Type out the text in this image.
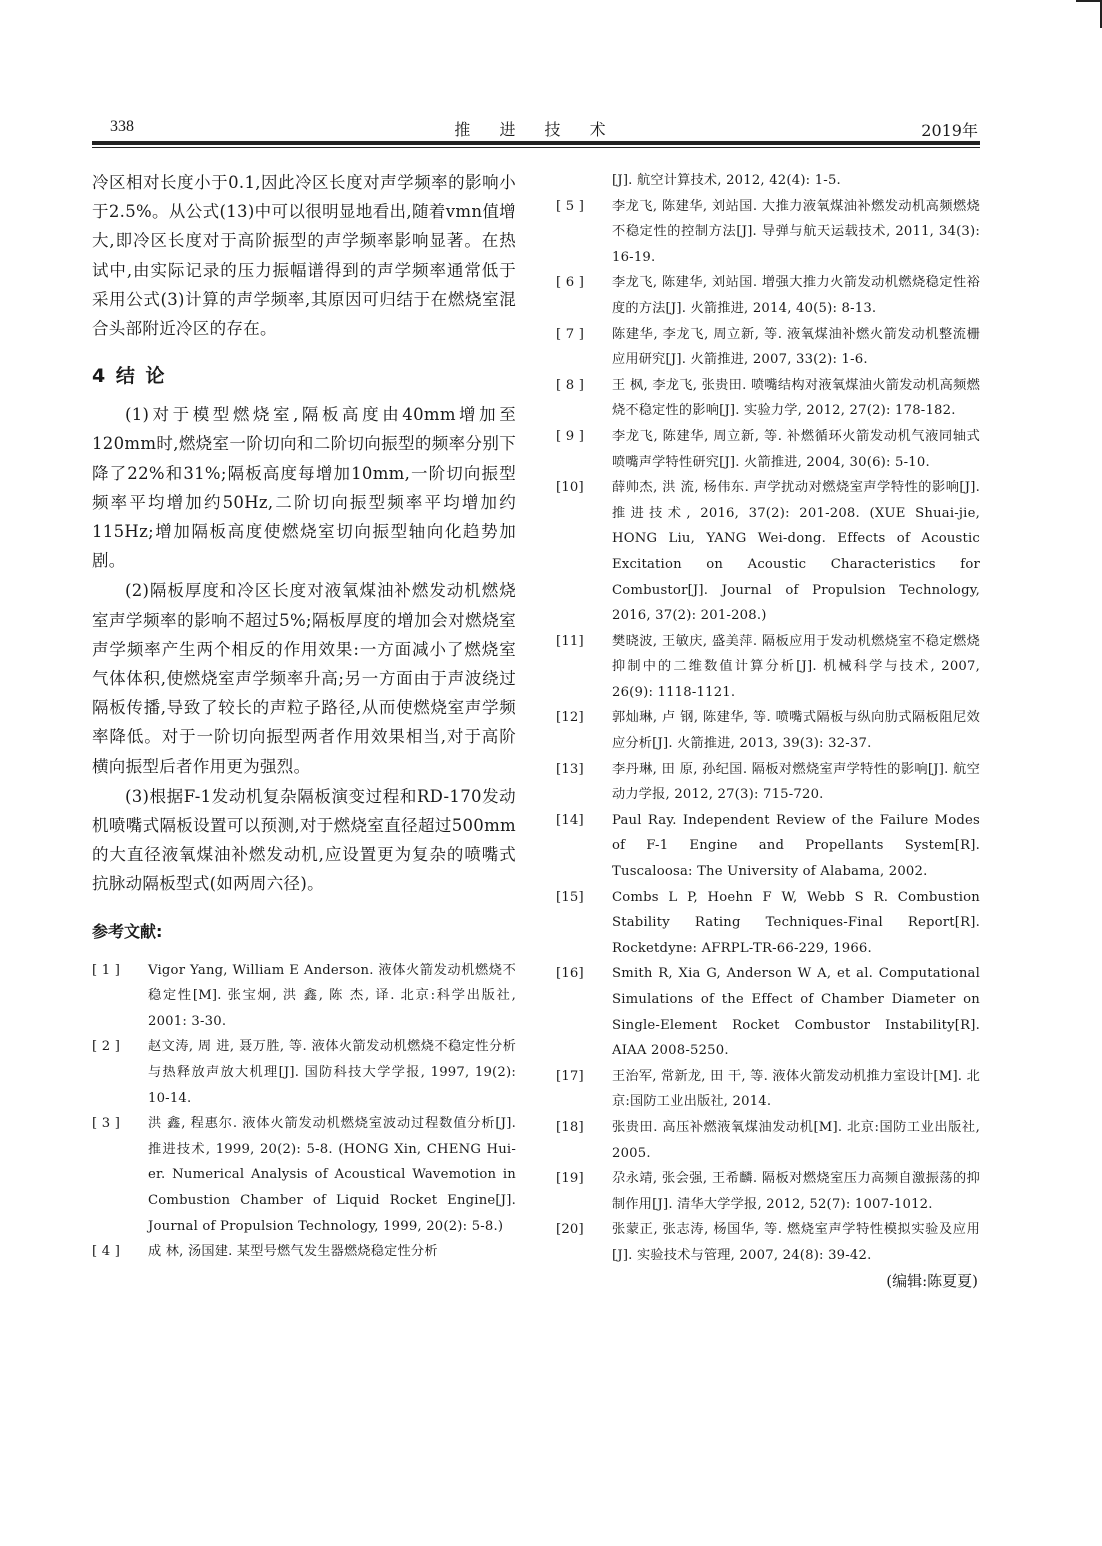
338	推 进 技 术	2019年

冷区相对长度小于0.1,因此冷区长度对声学频率的影响小于2.5%。从公式(13)中可以很明显地看出,随着vmn值增大,即冷区长度对于高阶振型的声学频率影响显著。在热试中,由实际记录的压力振幅谱得到的声学频率通常低于采用公式(3)计算的声学频率,其原因可归结于在燃烧室混合头部附近冷区的存在。

4 结 论

(1)对于模型燃烧室,隔板高度由40mm增加至120mm时,燃烧室一阶切向和二阶切向振型的频率分别下降了22%和31%;隔板高度每增加10mm,一阶切向振型频率平均增加约50Hz,二阶切向振型频率平均增加约115Hz;增加隔板高度使燃烧室切向振型轴向化趋势加剧。

(2)隔板厚度和冷区长度对液氧煤油补燃发动机燃烧室声学频率的影响不超过5%;隔板厚度的增加会对燃烧室声学频率产生两个相反的作用效果:一方面减小了燃烧室气体体积,使燃烧室声学频率升高;另一方面由于声波绕过隔板传播,导致了较长的声粒子路径,从而使燃烧室声学频率降低。对于一阶切向振型两者作用效果相当,对于高阶横向振型后者作用更为强烈。

(3)根据F-1发动机复杂隔板演变过程和RD-170发动机喷嘴式隔板设置可以预测,对于燃烧室直径超过500mm的大直径液氧煤油补燃发动机,应设置更为复杂的喷嘴式抗脉动隔板型式(如两周六径)。

参考文献:
[ 1 ]	Vigor Yang, William E Anderson. 液体火箭发动机燃烧不稳定性[M]. 张宝炯, 洪 鑫, 陈 杰, 译. 北京:科学出版社, 2001: 3-30.
[ 2 ]	赵文涛, 周 进, 聂万胜, 等. 液体火箭发动机燃烧不稳定性分析与热释放声放大机理[J]. 国防科技大学学报, 1997, 19(2): 10-14.
[ 3 ]	洪 鑫, 程惠尔. 液体火箭发动机燃烧室波动过程数值分析[J]. 推进技术, 1999, 20(2): 5-8. (HONG Xin, CHENG Hui-er. Numerical Analysis of Acoustical Wavemotion in Combustion Chamber of Liquid Rocket Engine[J]. Journal of Propulsion Technology, 1999, 20(2): 5-8.)
[ 4 ]	成 林, 汤国建. 某型号燃气发生器燃烧稳定性分析
[J]. 航空计算技术, 2012, 42(4): 1-5.
[ 5 ]	李龙飞, 陈建华, 刘站国. 大推力液氧煤油补燃发动机高频燃烧不稳定性的控制方法[J]. 导弹与航天运载技术, 2011, 34(3): 16-19.
[ 6 ]	李龙飞, 陈建华, 刘站国. 增强大推力火箭发动机燃烧稳定性裕度的方法[J]. 火箭推进, 2014, 40(5): 8-13.
[ 7 ]	陈建华, 李龙飞, 周立新, 等. 液氧煤油补燃火箭发动机整流栅应用研究[J]. 火箭推进, 2007, 33(2): 1-6.
[ 8 ]	王 枫, 李龙飞, 张贵田. 喷嘴结构对液氧煤油火箭发动机高频燃烧不稳定性的影响[J]. 实验力学, 2012, 27(2): 178-182.
[ 9 ]	李龙飞, 陈建华, 周立新, 等. 补燃循环火箭发动机气液同轴式喷嘴声学特性研究[J]. 火箭推进, 2004, 30(6): 5-10.
[10]	薛帅杰, 洪 流, 杨伟东. 声学扰动对燃烧室声学特性的影响[J]. 推进技术, 2016, 37(2): 201-208. (XUE Shuai-jie, HONG Liu, YANG Wei-dong. Effects of Acoustic Excitation on Acoustic Characteristics for Combustor[J]. Journal of Propulsion Technology, 2016, 37(2): 201-208.)
[11]	樊晓波, 王敏庆, 盛美萍. 隔板应用于发动机燃烧室不稳定燃烧抑制中的二维数值计算分析[J]. 机械科学与技术, 2007, 26(9): 1118-1121.
[12]	郭灿琳, 卢 钢, 陈建华, 等. 喷嘴式隔板与纵向肋式隔板阻尼效应分析[J]. 火箭推进, 2013, 39(3): 32-37.
[13]	李丹琳, 田 原, 孙纪国. 隔板对燃烧室声学特性的影响[J]. 航空动力学报, 2012, 27(3): 715-720.
[14]	Paul Ray. Independent Review of the Failure Modes of F-1 Engine and Propellants System[R]. Tuscaloosa: The University of Alabama, 2002.
[15]	Combs L P, Hoehn F W, Webb S R. Combustion Stability Rating Techniques-Final Report[R]. Rocketdyne: AFRPL-TR-66-229, 1966.
[16]	Smith R, Xia G, Anderson W A, et al. Computational Simulations of the Effect of Chamber Diameter on Single-Element Rocket Combustor Instability[R]. AIAA 2008-5250.
[17]	王治军, 常新龙, 田 干, 等. 液体火箭发动机推力室设计[M]. 北京:国防工业出版社, 2014.
[18]	张贵田. 高压补燃液氧煤油发动机[M]. 北京:国防工业出版社, 2005.
[19]	尕永靖, 张会强, 王希麟. 隔板对燃烧室压力高频自激振荡的抑制作用[J]. 清华大学学报, 2012, 52(7): 1007-1012.
[20]	张蒙正, 张志涛, 杨国华, 等. 燃烧室声学特性模拟实验及应用[J]. 实验技术与管理, 2007, 24(8): 39-42.
(编辑:陈夏夏)
